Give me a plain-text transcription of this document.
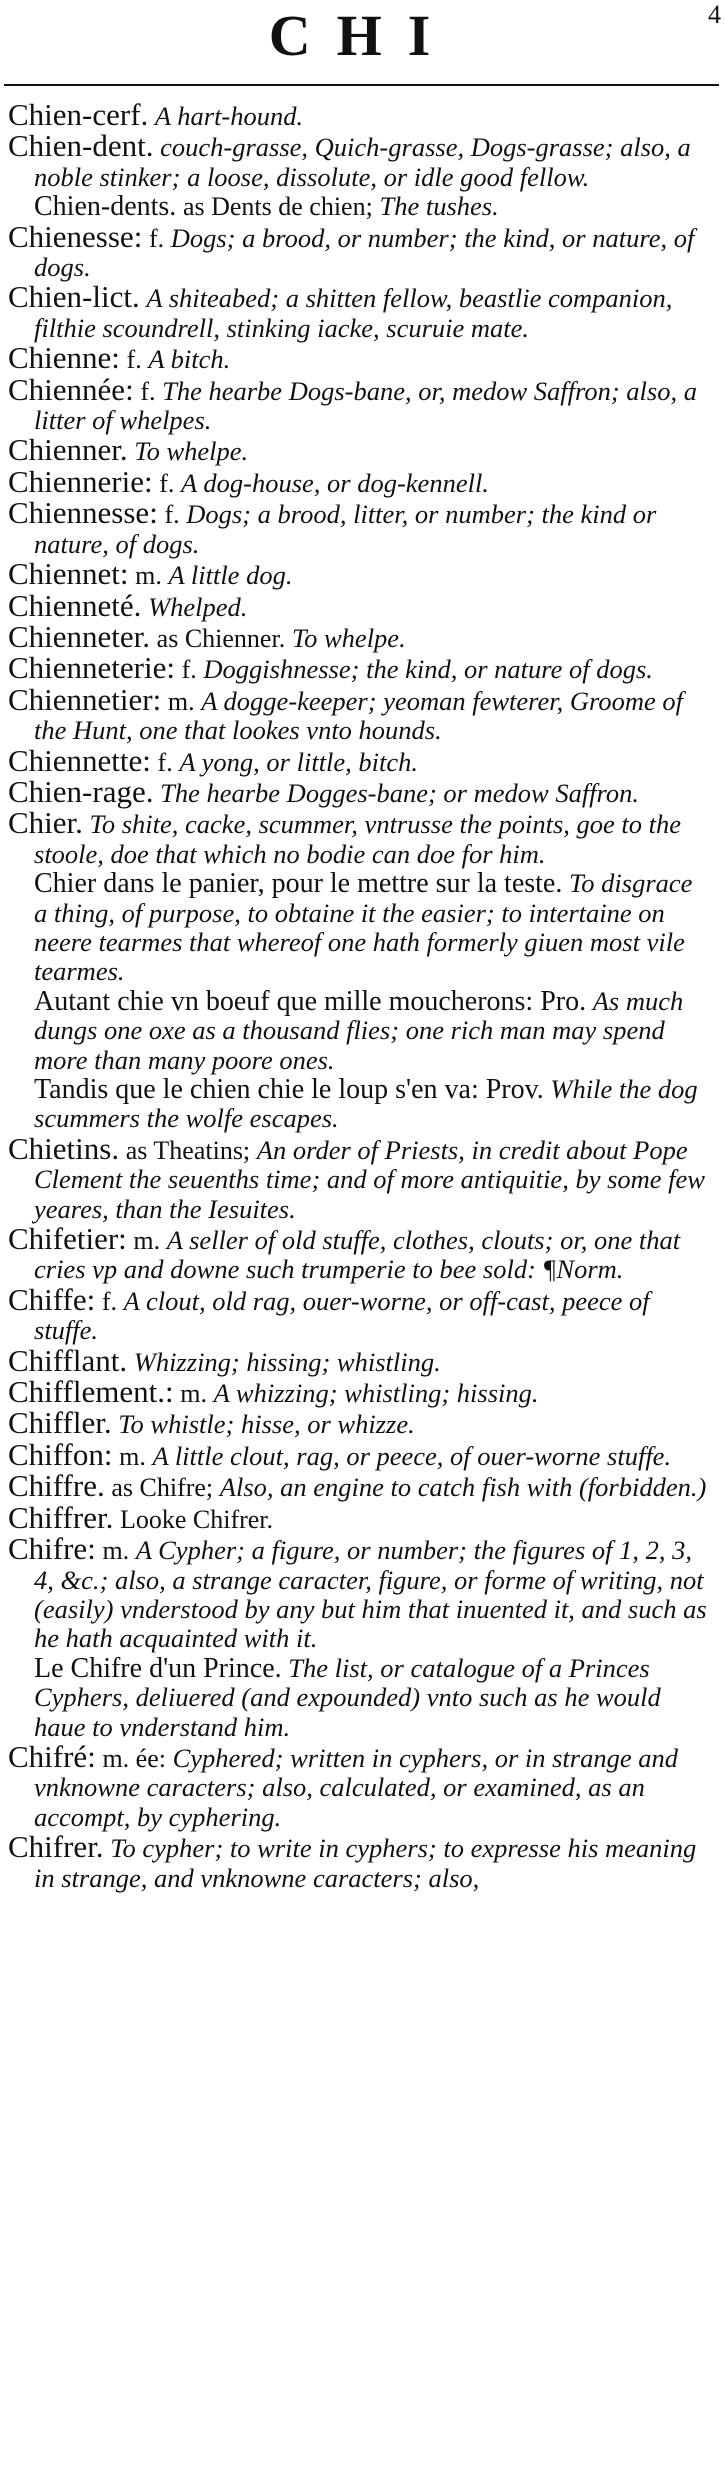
CHI	4
Chien-cerf. A hart-hound.
Chien-dent. couch-grasse, Quich-grasse, Dogs-grasse; also, a noble stinker; a loose, dissolute, or idle good fellow.
Chien-dents. as Dents de chien; The tushes.
Chienesse: f. Dogs; a brood, or number; the kind, or nature, of dogs.
Chien-lict. A shiteabed; a shitten fellow, beastlie companion, filthie scoundrell, stinking iacke, scuruie mate.
Chienne: f. A bitch.
Chiennée: f. The hearbe Dogs-bane, or, medow Saffron; also, a litter of whelpes.
Chienner. To whelpe.
Chiennerie: f. A dog-house, or dog-kennell.
Chiennesse: f. Dogs; a brood, litter, or number; the kind or nature, of dogs.
Chiennet: m. A little dog.
Chienneté. Whelped.
Chienneter. as Chienner. To whelpe.
Chienneterie: f. Doggishnesse; the kind, or nature of dogs.
Chiennetier: m. A dogge-keeper; yeoman fewterer, Groome of the Hunt, one that lookes vnto hounds.
Chiennette: f. A yong, or little, bitch.
Chien-rage. The hearbe Dogges-bane; or medow Saffron.
Chier. To shite, cacke, scummer, vntrusse the points, goe to the stoole, doe that which no bodie can doe for him.
Chier dans le panier, pour le mettre sur la teste. To disgrace a thing, of purpose, to obtaine it the easier; to intertaine on neere tearmes that whereof one hath formerly giuen most vile tearmes.
Autant chie vn boeuf que mille moucherons: Pro. As much dungs one oxe as a thousand flies; one rich man may spend more than many poore ones.
Tandis que le chien chie le loup s'en va: Prov. While the dog scummers the wolfe escapes.
Chietins. as Theatins; An order of Priests, in credit about Pope Clement the seuenths time; and of more antiquitie, by some few yeares, than the Iesuites.
Chifetier: m. A seller of old stuffe, clothes, clouts; or, one that cries vp and downe such trumperie to bee sold: ¶Norm.
Chiffe: f. A clout, old rag, ouer-worne, or off-cast, peece of stuffe.
Chifflant. Whizzing; hissing; whistling.
Chifflement.: m. A whizzing; whistling; hissing.
Chiffler. To whistle; hisse, or whizze.
Chiffon: m. A little clout, rag, or peece, of ouer-worne stuffe.
Chiffre. as Chifre; Also, an engine to catch fish with (forbidden.)
Chiffrer. Looke Chifrer.
Chifre: m. A Cypher; a figure, or number; the figures of 1, 2, 3, 4, &c.; also, a strange caracter, figure, or forme of writing, not (easily) vnderstood by any but him that inuented it, and such as he hath acquainted with it.
Le Chifre d'un Prince. The list, or catalogue of a Princes Cyphers, deliuered (and expounded) vnto such as he would haue to vnderstand him.
Chifré: m. ée: Cyphered; written in cyphers, or in strange and vnknowne caracters; also, calculated, or examined, as an accompt, by cyphering.
Chifrer. To cypher; to write in cyphers; to expresse his meaning in strange, and vnknowne caracters; also,
